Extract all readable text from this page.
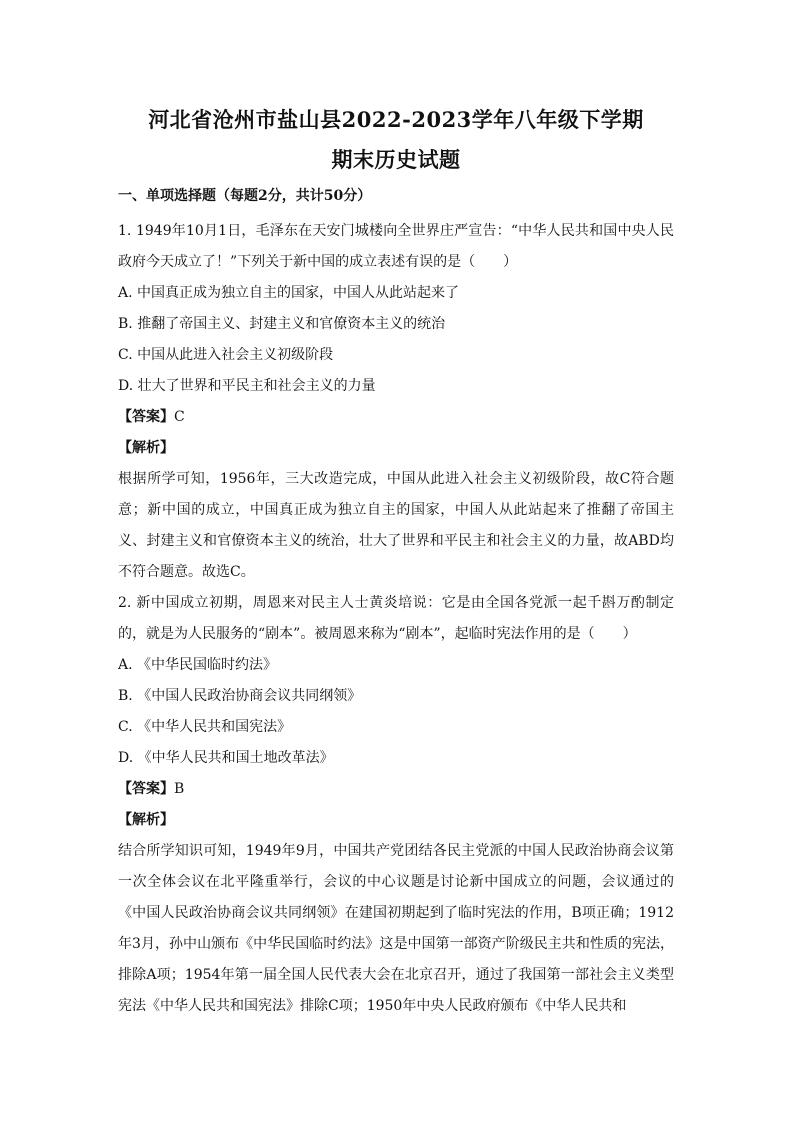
河北省沧州市盐山县2022-2023学年八年级下学期
期末历史试题

一、单项选择题（每题2分，共计50分）

1. 1949年10月1日，毛泽东在天安门城楼向全世界庄严宣告：“中华人民共和国中央人民政府今天成立了！”下列关于新中国的成立表述有误的是（　　）

A. 中国真正成为独立自主的国家，中国人从此站起来了

B. 推翻了帝国主义、封建主义和官僚资本主义的统治

C. 中国从此进入社会主义初级阶段

D. 壮大了世界和平民主和社会主义的力量

【答案】C

【解析】

根据所学可知，1956年，三大改造完成，中国从此进入社会主义初级阶段，故C符合题意；新中国的成立，中国真正成为独立自主的国家，中国人从此站起来了推翻了帝国主义、封建主义和官僚资本主义的统治，壮大了世界和平民主和社会主义的力量，故ABD均不符合题意。故选C。

2. 新中国成立初期，周恩来对民主人士黄炎培说：它是由全国各党派一起千斟万酌制定的，就是为人民服务的“剧本”。被周恩来称为“剧本”，起临时宪法作用的是（　　）

A. 《中华民国临时约法》

B. 《中国人民政治协商会议共同纲领》

C. 《中华人民共和国宪法》

D. 《中华人民共和国土地改革法》

【答案】B

【解析】

结合所学知识可知，1949年9月，中国共产党团结各民主党派的中国人民政治协商会议第一次全体会议在北平隆重举行，会议的中心议题是讨论新中国成立的问题，会议通过的《中国人民政治协商会议共同纲领》在建国初期起到了临时宪法的作用，B项正确；1912年3月，孙中山颁布《中华民国临时约法》这是中国第一部资产阶级民主共和性质的宪法，排除A项；1954年第一届全国人民代表大会在北京召开，通过了我国第一部社会主义类型宪法《中华人民共和国宪法》排除C项；1950年中央人民政府颁布《中华人民共和
